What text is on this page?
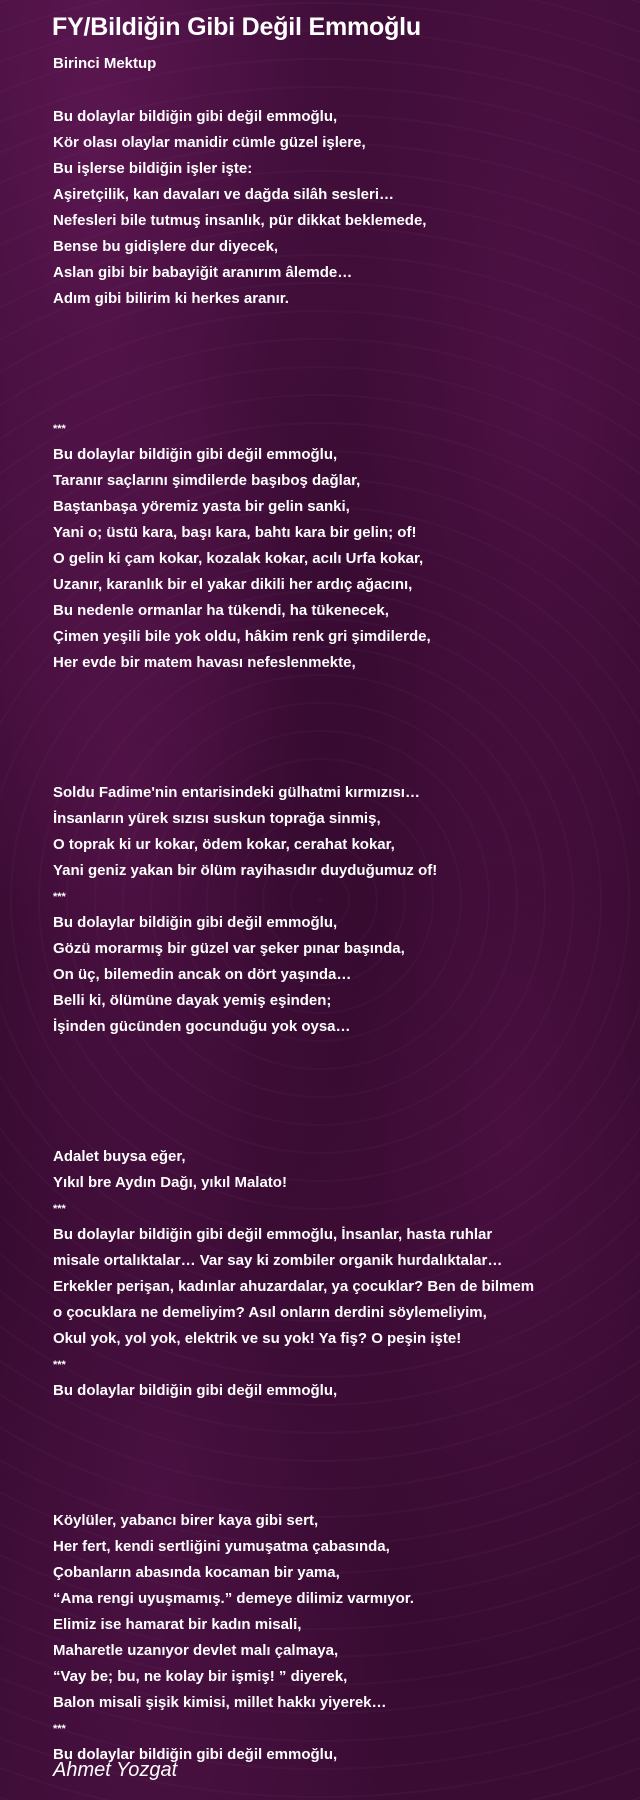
FY/Bildiğin Gibi Değil Emmoğlu
Birinci Mektup
Bu dolaylar bildiğin gibi değil emmoğlu,
Kör olası olaylar manidir cümle güzel işlere,
Bu işlerse bildiğin işler işte:
Aşiretçilik, kan davaları ve dağda silâh sesleri…
Nefesleri bile tutmuş insanlık, pür dikkat beklemede,
Bense bu gidişlere dur diyecek,
Aslan gibi bir babayiğit aranırım âlemde…
Adım gibi bilirim ki herkes aranır.
***
Bu dolaylar bildiğin gibi değil emmoğlu,
Taranır saçlarını şimdilerde başıboş dağlar,
Baştanbaşa yöremiz yasta bir gelin sanki,
Yani o; üstü kara, başı kara, bahtı kara bir gelin; of!
O gelin ki çam kokar, kozalak kokar, acılı Urfa kokar,
Uzanır, karanlık bir el yakar dikili her ardıç ağacını,
Bu nedenle ormanlar ha tükendi, ha tükenecek,
Çimen yeşili bile yok oldu, hâkim renk gri şimdilerde,
Her evde bir matem havası nefeslenmekte,
Soldu Fadime'nin entarisindeki gülhatmi kırmızısı…
İnsanların yürek sızısı suskun toprağa sinmiş,
O toprak ki ur kokar, ödem kokar, cerahat kokar,
Yani geniz yakan bir ölüm rayihasıdır duyduğumuz of!
***
Bu dolaylar bildiğin gibi değil emmoğlu,
Gözü morarmış bir güzel var şeker pınar başında,
On üç, bilemedin ancak on dört yaşında…
Belli ki, ölümüne dayak yemiş eşinden;
İşinden gücünden gocunduğu yok oysa…
Adalet buysa eğer,
Yıkıl bre Aydın Dağı, yıkıl Malato!
***
Bu dolaylar bildiğin gibi değil emmoğlu, İnsanlar, hasta ruhlar
misale ortalıktalar… Var say ki zombiler organik hurdalıktalar…
Erkekler perişan, kadınlar ahuzardalar, ya çocuklar? Ben de bilmem
o çocuklara ne demeliyim? Asıl onların derdini söylemeliyim,
Okul yok, yol yok, elektrik ve su yok! Ya fiş? O peşin işte!
***
Bu dolaylar bildiğin gibi değil emmoğlu,
Köylüler, yabancı birer kaya gibi sert,
Her fert, kendi sertliğini yumuşatma çabasında,
Çobanların abasında kocaman bir yama,
“Ama rengi uyuşmamış.” demeye dilimiz varmıyor.
Elimiz ise hamarat bir kadın misali,
Maharetle uzanıyor devlet malı çalmaya,
“Vay be; bu, ne kolay bir işmiş! ” diyerek,
Balon misali şişik kimisi, millet hakkı yiyerek…
***
Bu dolaylar bildiğin gibi değil emmoğlu,
Ahmet Yozgat
